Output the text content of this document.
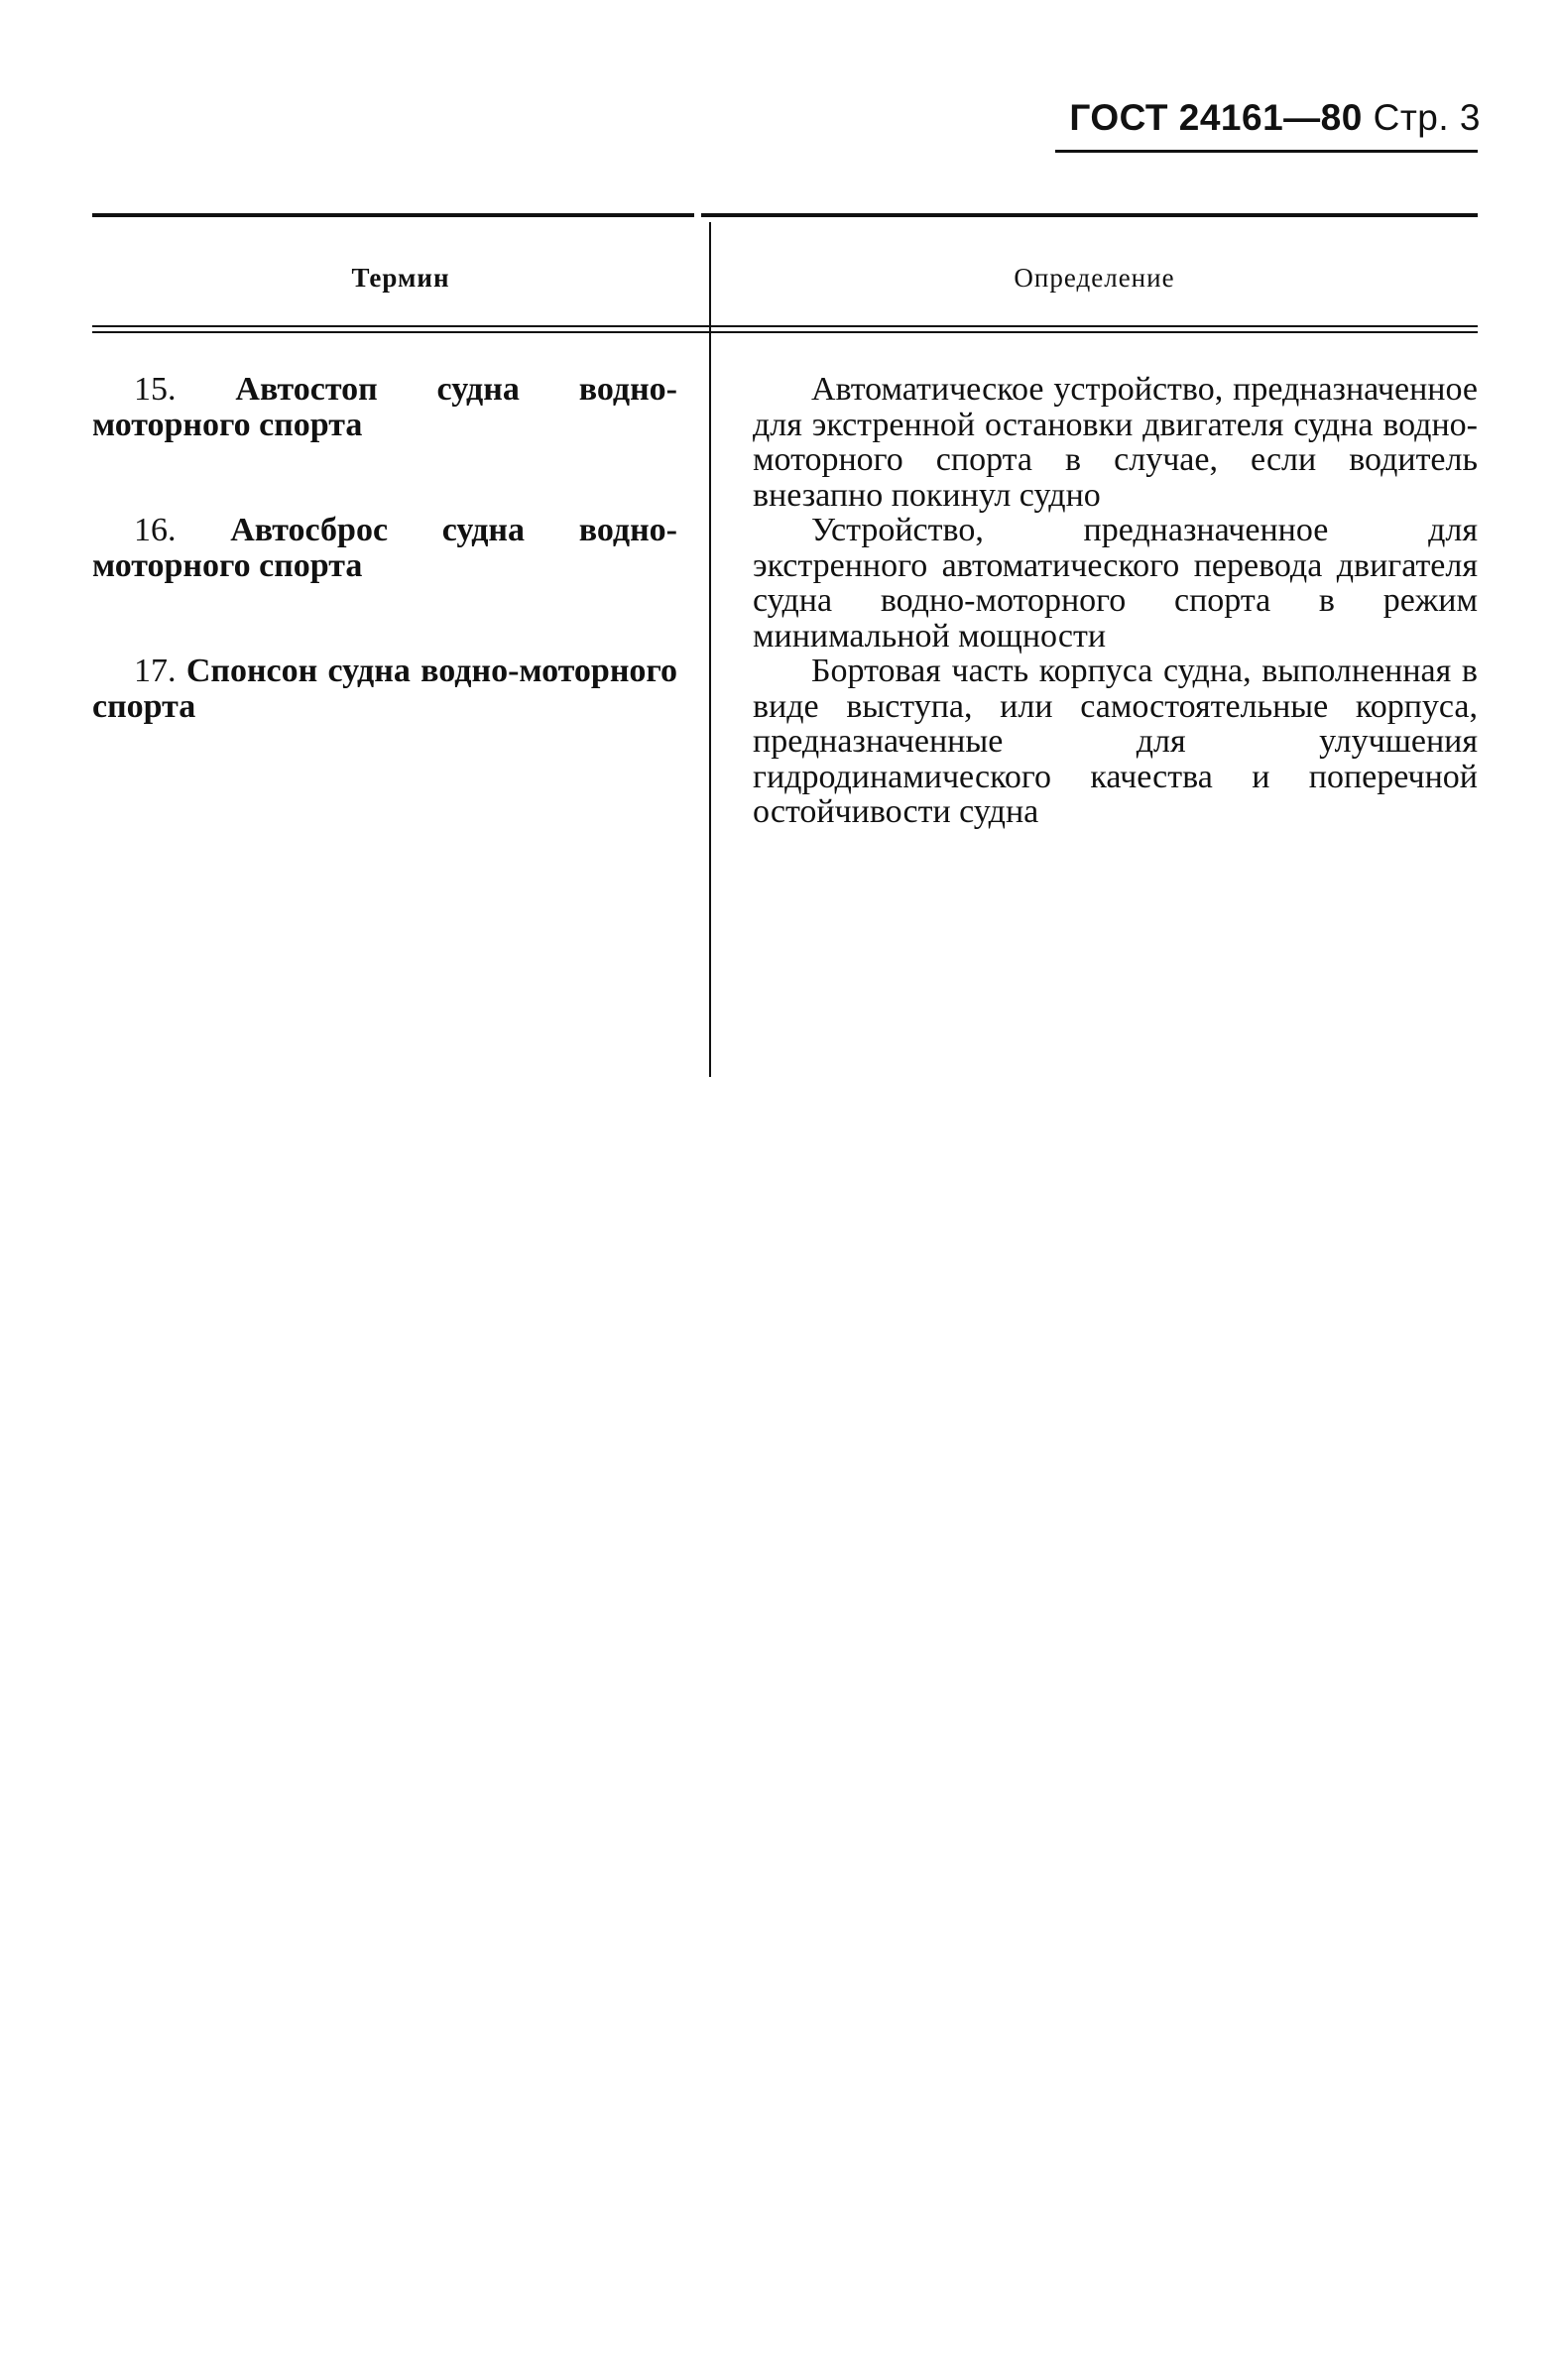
ГОСТ 24161—80 Стр. 3
Термин	Определение
15. Автостоп судна водно-моторного спорта
Автоматическое устройство, предназначенное для экстренной остановки двигателя судна водно-моторного спорта в случае, если водитель внезапно покинул судно
16. Автосброс судна водно-моторного спорта
Устройство, предназначенное для экстренного автоматического перевода двигателя судна водно-моторного спорта в режим минимальной мощности
17. Спонсон судна водно-моторного спорта
Бортовая часть корпуса судна, выполненная в виде выступа, или самостоятельные корпуса, предназначенные для улучшения гидродинамического качества и поперечной остойчивости судна
